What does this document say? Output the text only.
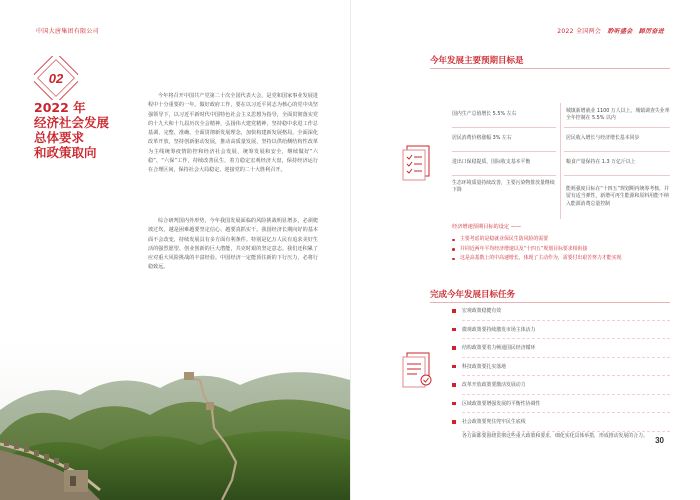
中国大唐集团有限公司	2022 全国两会 聆听盛会 踔厉奋进
02
2022 年
经济社会发展
总体要求
和政策取向

今年将召开中国共产党第二十次全国代表大会，是党和国家事业发展进程中十分重要的一年。做好政府工作，要在以习近平同志为核心的党中央坚强领导下，以习近平新时代中国特色社会主义思想为指导，全面贯彻落实党的十九大和十九届历次全会精神，弘扬伟大建党精神，坚持稳中求进工作总基调，完整、准确、全面贯彻新发展理念，加快构建新发展格局，全面深化改革开放，坚持创新驱动发展，推动高质量发展，坚持以供给侧结构性改革为主线统筹疫情防控和经济社会发展，统筹发展和安全，继续做好“六稳”、“六保”工作，持续改善民生，着力稳定宏观经济大盘，保持经济运行在合理区间，保持社会大局稳定，迎接党的二十大胜利召开。

综合研判国内外形势，今年我国发展面临的风险挑战明显增多，必须爬坡过坎。越是困难越要坚定信心、越要真抓实干。我国经济长期向好的基本面不会改变，持续发展具有多方面有利条件。特别是亿万人民有追求美好生活的强烈愿望、创业创新的巨大潜能，共克时艰的坚定意志。我们还积累了应对重大风险挑战的丰富经验。中国经济一定能顶住新的下行压力，必将行稳致远。

今年发展主要预期目标是
国内生产总值增长 5.5% 左右
居民消费价格涨幅 3% 左右
进出口保稳提质，国际收支基本平衡
生态环境质量持续改善，主要污染物排放量继续下降
城镇新增就业 1100 万人以上，城镇调查失业率全年控制在 5.5% 以内
居民收入增长与经济增长基本同步
粮食产量保持在 1.3 万亿斤以上
能耗强度目标在“十四五”规划期内统筹考核，并留有适当弹性，新增可再生能源和原料用能不纳入能源消费总量控制
经济增速预期目标的设定 ——
主要考虑的是稳就业保民生防风险的需要
并同近两年平均经济增速以及“十四五”规划目标要求相衔接
这是高基数上的中高速增长，体现了主动作为，需要付出艰苦努力才能实现
完成今年发展目标任务
宏观政策稳健有效
微观政策要持续激发市场主体活力
结构政策要着力畅通国民经济循环
科技政策要扎实落地
改革开放政策要激活发展动力
区域政策要增强发展的平衡性协调性
社会政策要兜住兜牢民生底线

各方面都要围绕贯彻这些重大政策和要求，细化实化具体举措，形成推动发展的合力。 30
